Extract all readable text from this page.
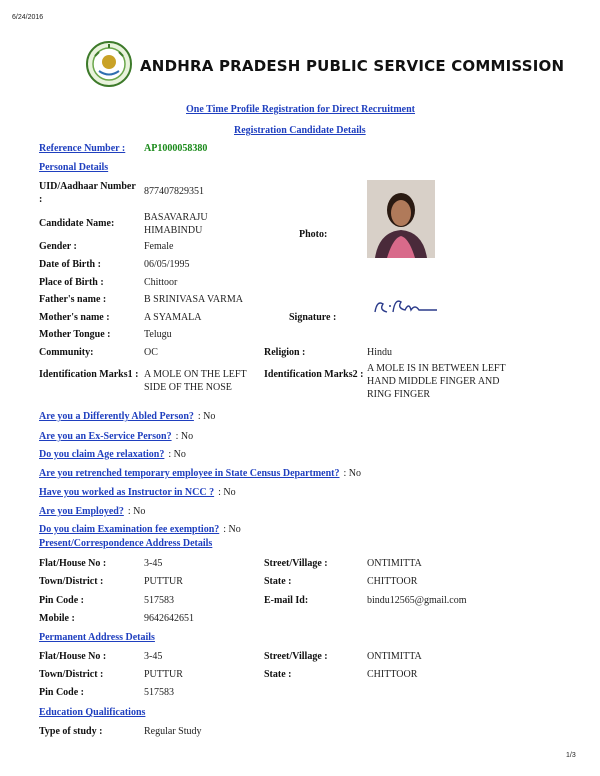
6/24/2016
ANDHRA PRADESH PUBLIC SERVICE COMMISSION
One Time Profile Registration for Direct Recruitment
Registration Candidate Details
Reference Number : AP1000058380
Personal Details
UID/Aadhaar Number :
877407829351
Candidate Name:
BASAVARAJU HIMABINDU	Photo:
Gender :	Female
Date of Birth :	06/05/1995
Place of Birth :	Chittoor
Father's name :	B SRINIVASA VARMA
Mother's name :	A SYAMALA	Signature :
Mother Tongue :	Telugu
Community:	OC	Religion :	Hindu
Identification Marks1 : A MOLE ON THE LEFT SIDE OF THE NOSE
Identification Marks2 :
A MOLE IS IN BETWEEN LEFT HAND MIDDLE FINGER AND RING FINGER
Are you a Differently Abled Person? : No
Are you an Ex-Service Person? : No
Do you claim Age relaxation? : No
Are you retrenched temporary employee in State Census Department? : No
Have you worked as Instructor in NCC ? : No
Are you Employed? : No
Do you claim Examination fee exemption? : No
Present/Correspondence Address Details
Flat/House No :	3-45	Street/Village :	ONTIMITTA
Town/District :	PUTTUR	State :	CHITTOOR
Pin Code :	517583	E-mail Id:	bindu12565@gmail.com
Mobile :	9642642651
Permanent Address Details
Flat/House No :	3-45	Street/Village :	ONTIMITTA
Town/District :	PUTTUR	State :	CHITTOOR
Pin Code :	517583
Education Qualifications
Type of study :	Regular Study
1/3
